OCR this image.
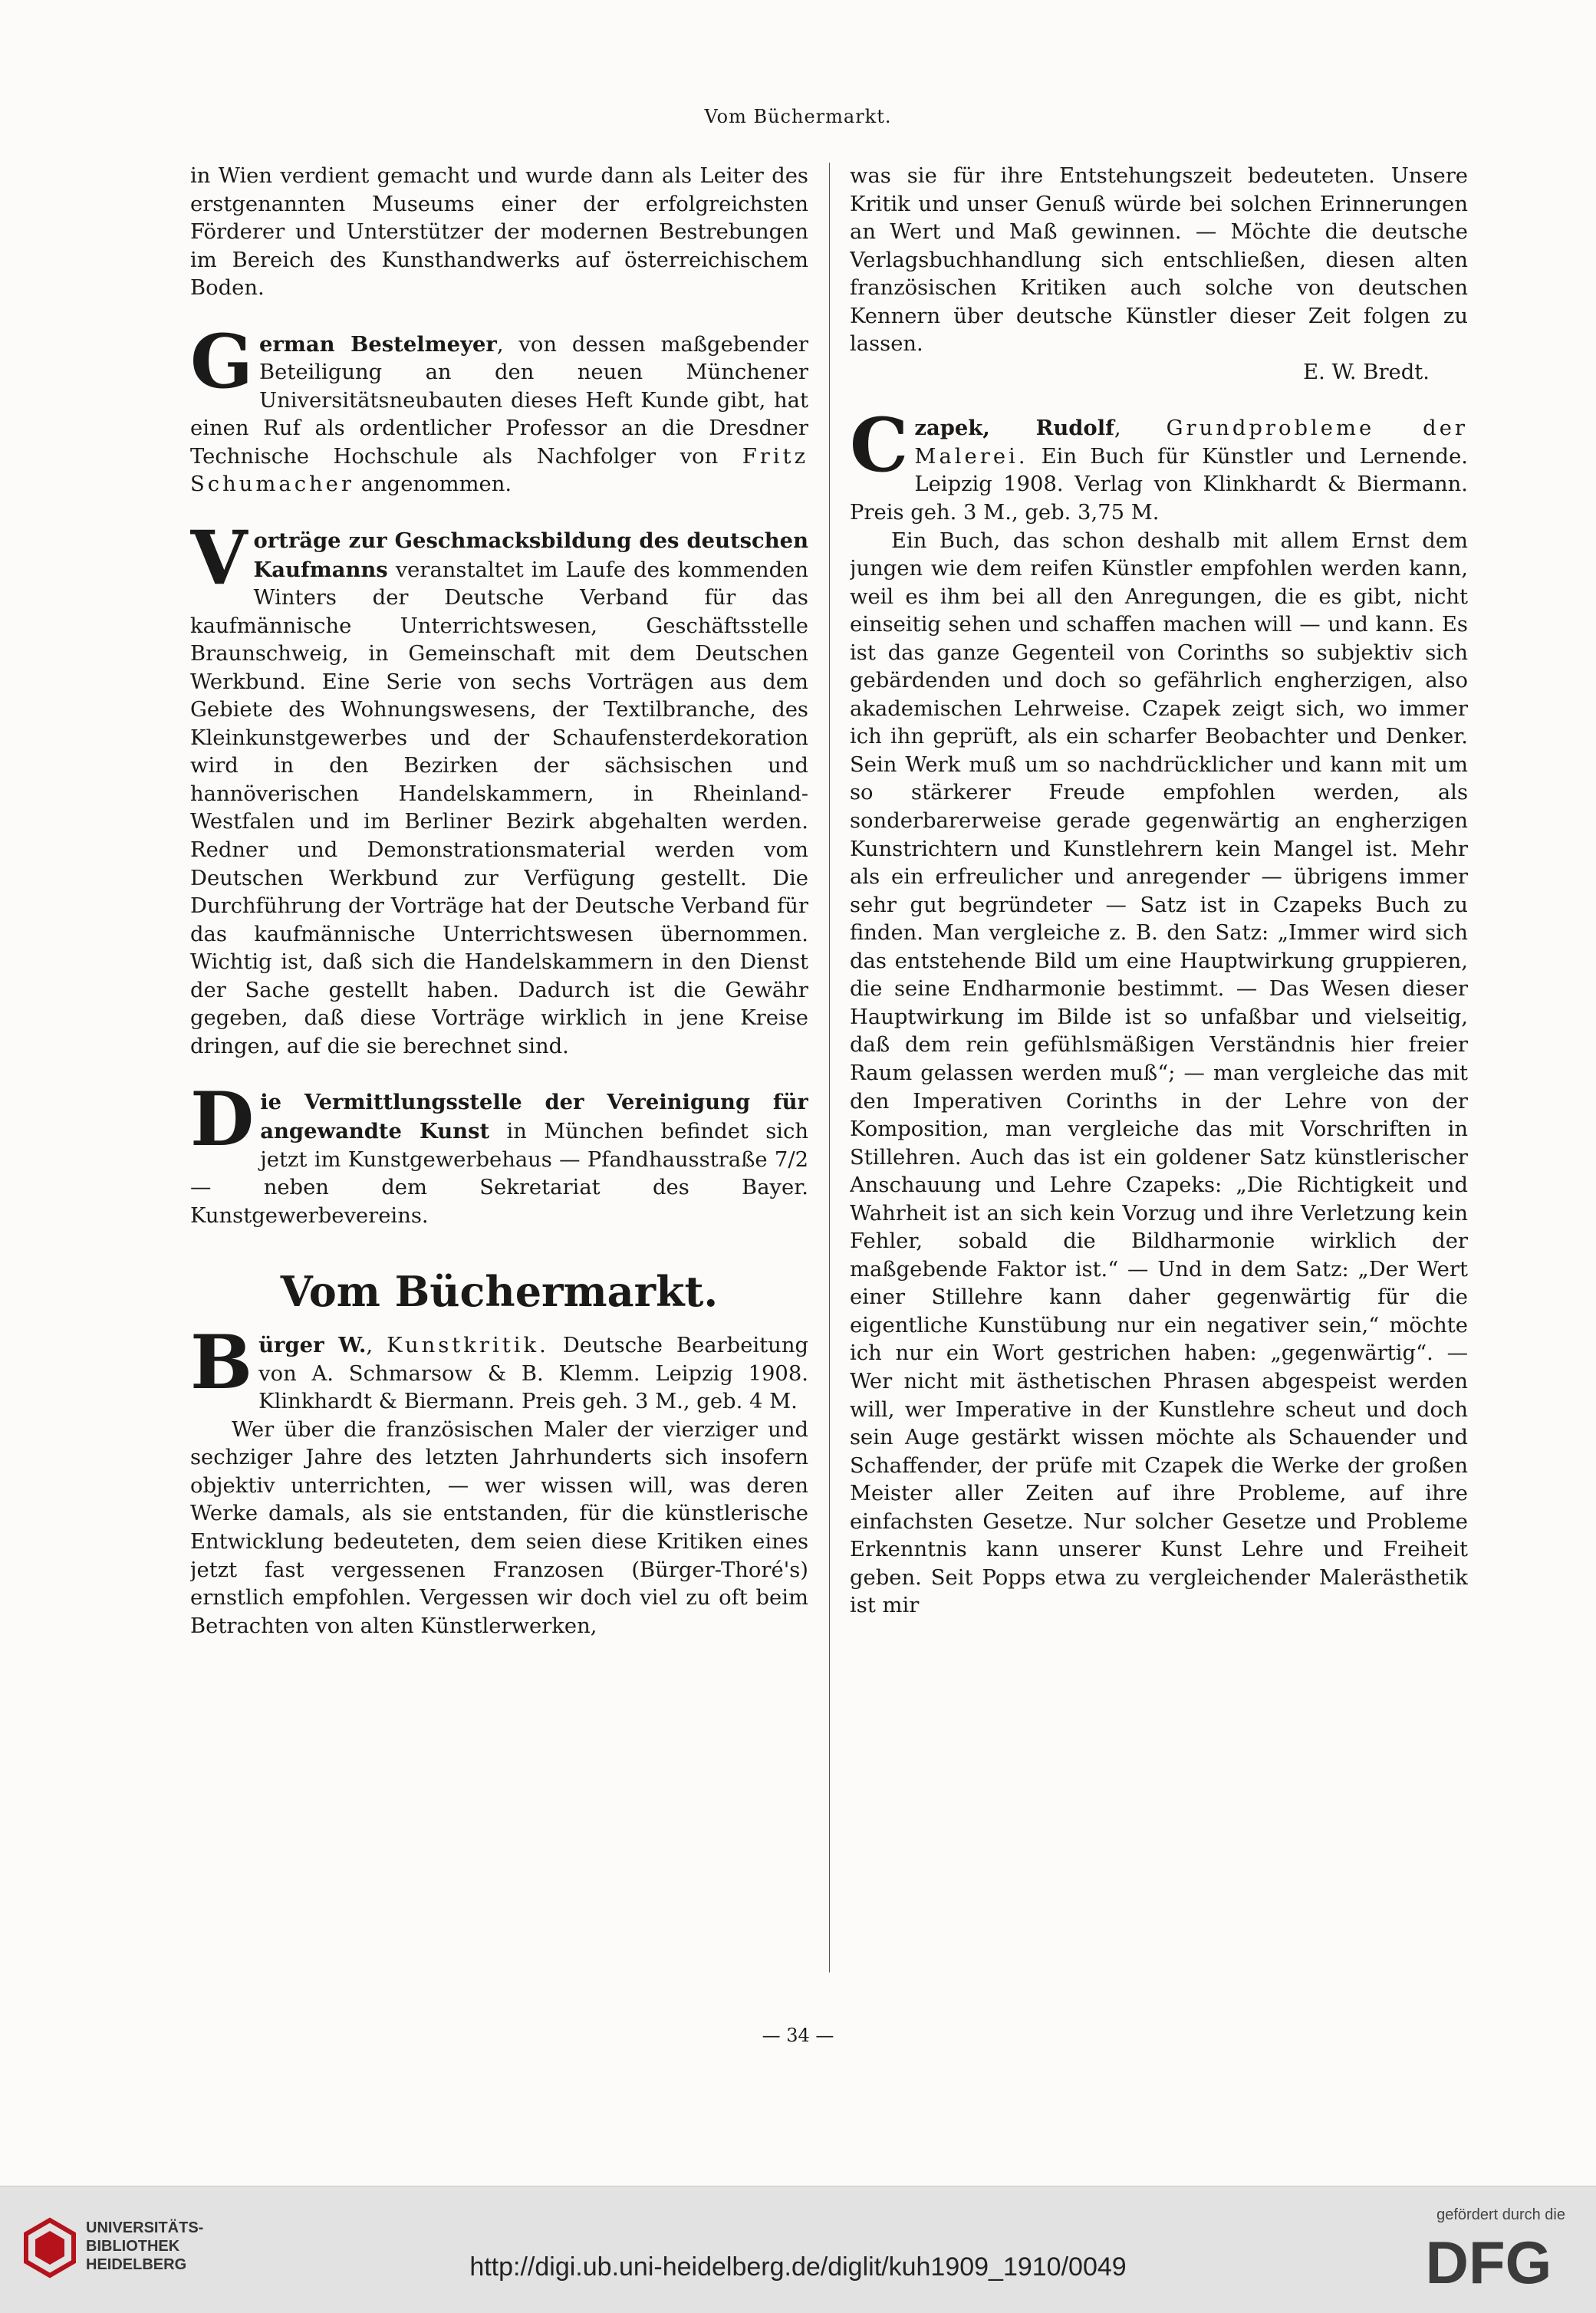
Vom Büchermarkt.

in Wien verdient gemacht und wurde dann als Leiter des erstgenannten Museums einer der erfolgreichsten Förderer und Unterstützer der modernen Bestrebungen im Bereich des Kunsthandwerks auf österreichischem Boden.

German Bestelmeyer, von dessen maßgebender Beteiligung an den neuen Münchener Universitätsneubauten dieses Heft Kunde gibt, hat einen Ruf als ordentlicher Professor an die Dresdner Technische Hochschule als Nachfolger von Fritz Schumacher angenommen.

Vorträge zur Geschmacksbildung des deutschen Kaufmanns veranstaltet im Laufe des kommenden Winters der Deutsche Verband für das kaufmännische Unterrichtswesen, Geschäftsstelle Braunschweig, in Gemeinschaft mit dem Deutschen Werkbund. Eine Serie von sechs Vorträgen aus dem Gebiete des Wohnungswesens, der Textilbranche, des Kleinkunstgewerbes und der Schaufensterdekoration wird in den Bezirken der sächsischen und hannöverischen Handelskammern, in Rheinland-Westfalen und im Berliner Bezirk abgehalten werden. Redner und Demonstrationsmaterial werden vom Deutschen Werkbund zur Verfügung gestellt. Die Durchführung der Vorträge hat der Deutsche Verband für das kaufmännische Unterrichtswesen übernommen. Wichtig ist, daß sich die Handelskammern in den Dienst der Sache gestellt haben. Dadurch ist die Gewähr gegeben, daß diese Vorträge wirklich in jene Kreise dringen, auf die sie berechnet sind.

Die Vermittlungsstelle der Vereinigung für angewandte Kunst in München befindet sich jetzt im Kunstgewerbehaus — Pfandhausstraße 7/2 — neben dem Sekretariat des Bayer. Kunstgewerbevereins.

Vom Büchermarkt.

Bürger W., Kunstkritik. Deutsche Bearbeitung von A. Schmarsow & B. Klemm. Leipzig 1908. Klinkhardt & Biermann. Preis geh. 3 M., geb. 4 M.

Wer über die französischen Maler der vierziger und sechziger Jahre des letzten Jahrhunderts sich insofern objektiv unterrichten, — wer wissen will, was deren Werke damals, als sie entstanden, für die künstlerische Entwicklung bedeuteten, dem seien diese Kritiken eines jetzt fast vergessenen Franzosen (Bürger-Thoré's) ernstlich empfohlen. Vergessen wir doch viel zu oft beim Betrachten von alten Künstlerwerken,

was sie für ihre Entstehungszeit bedeuteten. Unsere Kritik und unser Genuß würde bei solchen Erinnerungen an Wert und Maß gewinnen. — Möchte die deutsche Verlagsbuchhandlung sich entschließen, diesen alten französischen Kritiken auch solche von deutschen Kennern über deutsche Künstler dieser Zeit folgen zu lassen.

E. W. Bredt.

Czapek, Rudolf, Grundprobleme der Malerei. Ein Buch für Künstler und Lernende. Leipzig 1908. Verlag von Klinkhardt & Biermann. Preis geh. 3 M., geb. 3,75 M.

Ein Buch, das schon deshalb mit allem Ernst dem jungen wie dem reifen Künstler empfohlen werden kann, weil es ihm bei all den Anregungen, die es gibt, nicht einseitig sehen und schaffen machen will — und kann. Es ist das ganze Gegenteil von Corinths so subjektiv sich gebärdenden und doch so gefährlich engherzigen, also akademischen Lehrweise. Czapek zeigt sich, wo immer ich ihn geprüft, als ein scharfer Beobachter und Denker. Sein Werk muß um so nachdrücklicher und kann mit um so stärkerer Freude empfohlen werden, als sonderbarerweise gerade gegenwärtig an engherzigen Kunstrichtern und Kunstlehrern kein Mangel ist. Mehr als ein erfreulicher und anregender — übrigens immer sehr gut begründeter — Satz ist in Czapeks Buch zu finden. Man vergleiche z. B. den Satz: „Immer wird sich das entstehende Bild um eine Hauptwirkung gruppieren, die seine Endharmonie bestimmt. — Das Wesen dieser Hauptwirkung im Bilde ist so unfaßbar und vielseitig, daß dem rein gefühlsmäßigen Verständnis hier freier Raum gelassen werden muß“; — man vergleiche das mit den Imperativen Corinths in der Lehre von der Komposition, man vergleiche das mit Vorschriften in Stillehren. Auch das ist ein goldener Satz künstlerischer Anschauung und Lehre Czapeks: „Die Richtigkeit und Wahrheit ist an sich kein Vorzug und ihre Verletzung kein Fehler, sobald die Bildharmonie wirklich der maßgebende Faktor ist.“ — Und in dem Satz: „Der Wert einer Stillehre kann daher gegenwärtig für die eigentliche Kunstübung nur ein negativer sein,“ möchte ich nur ein Wort gestrichen haben: „gegenwärtig“. — Wer nicht mit ästhetischen Phrasen abgespeist werden will, wer Imperative in der Kunstlehre scheut und doch sein Auge gestärkt wissen möchte als Schauender und Schaffender, der prüfe mit Czapek die Werke der großen Meister aller Zeiten auf ihre Probleme, auf ihre einfachsten Gesetze. Nur solcher Gesetze und Probleme Erkenntnis kann unserer Kunst Lehre und Freiheit geben. Seit Popps etwa zu vergleichender Malerästhetik ist mir

— 34 —
UNIVERSITÄTS-
BIBLIOTHEK
HEIDELBERG	http://digi.ub.uni-heidelberg.de/diglit/kuh1909_1910/0049
gefördert durch die
DFG
